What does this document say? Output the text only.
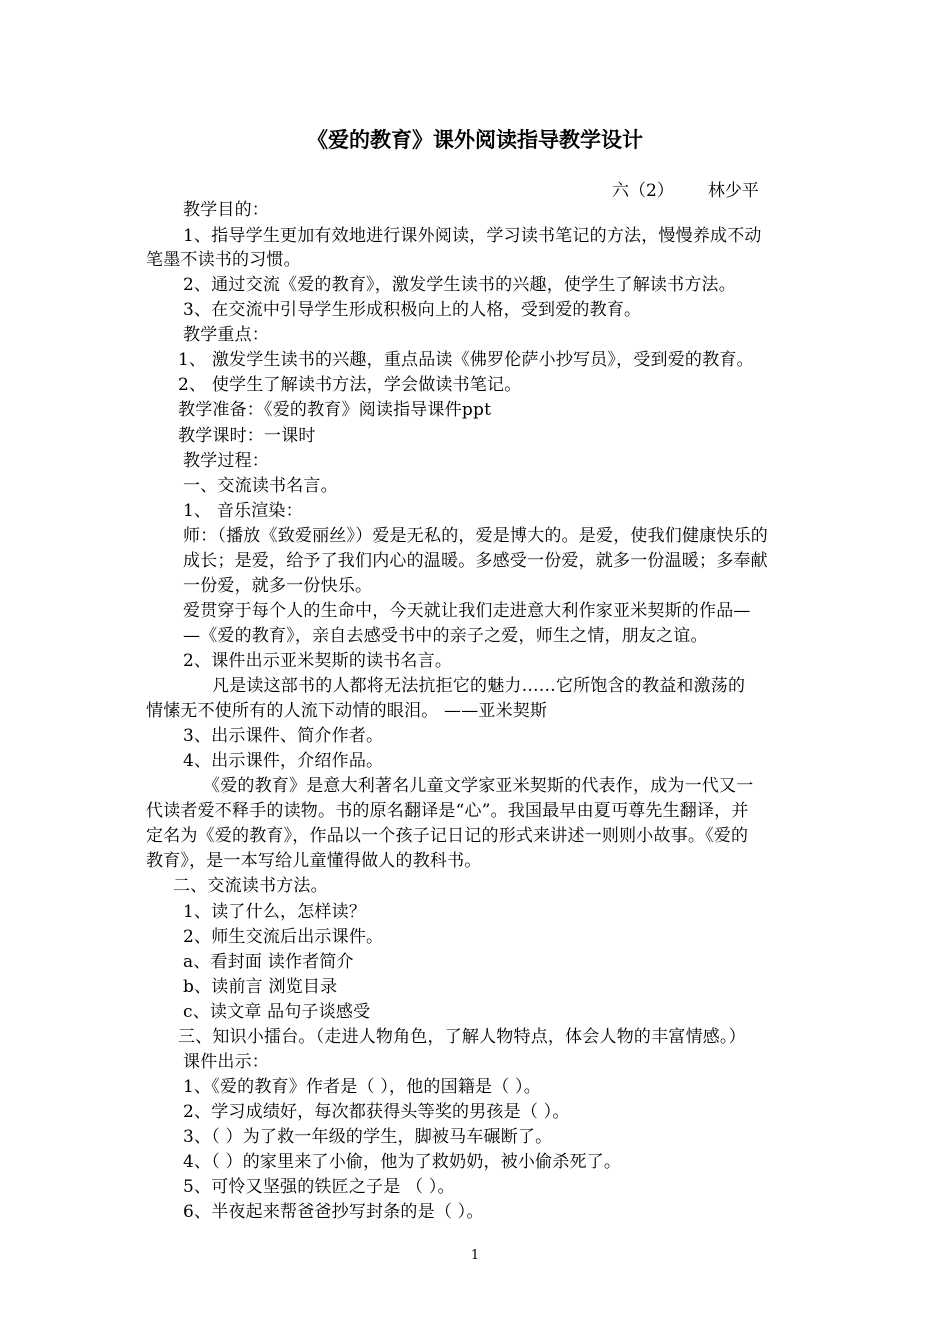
《爱的教育》课外阅读指导教学设计
六（2） 林少平
教学目的：
1、指导学生更加有效地进行课外阅读，学习读书笔记的方法，慢慢养成不动
笔墨不读书的习惯。
2、通过交流《爱的教育》，激发学生读书的兴趣，使学生了解读书方法。
3、在交流中引导学生形成积极向上的人格，受到爱的教育。
教学重点：
1、 激发学生读书的兴趣，重点品读《佛罗伦萨小抄写员》，受到爱的教育。
2、 使学生了解读书方法，学会做读书笔记。
教学准备：《爱的教育》阅读指导课件ppt
教学课时：一课时
教学过程：
一、交流读书名言。
1、 音乐渲染：
师：（播放《致爱丽丝》）爱是无私的，爱是博大的。是爱，使我们健康快乐的
成长；是爱，给予了我们内心的温暖。多感受一份爱，就多一份温暖；多奉献
一份爱，就多一份快乐。
爱贯穿于每个人的生命中，今天就让我们走进意大利作家亚米契斯的作品—
—《爱的教育》，亲自去感受书中的亲子之爱，师生之情，朋友之谊。
2、课件出示亚米契斯的读书名言。
凡是读这部书的人都将无法抗拒它的魅力……它所饱含的教益和激荡的
情愫无不使所有的人流下动情的眼泪。 ——亚米契斯
3、出示课件、简介作者。
4、出示课件，介绍作品。
《爱的教育》是意大利著名儿童文学家亚米契斯的代表作，成为一代又一
代读者爱不释手的读物。书的原名翻译是“心”。我国最早由夏丏尊先生翻译，并
定名为《爱的教育》，作品以一个孩子记日记的形式来讲述一则则小故事。《爱的
教育》，是一本写给儿童懂得做人的教科书。
二、交流读书方法。
1、读了什么，怎样读？
2、师生交流后出示课件。
a、看封面 读作者简介
b、读前言 浏览目录
c、读文章 品句子谈感受
三、知识小擂台。（走进人物角色，了解人物特点，体会人物的丰富情感。）
课件出示：
1、《爱的教育》作者是（ ），他的国籍是（ ）。
2、学习成绩好，每次都获得头等奖的男孩是（ ）。
3、（ ）为了救一年级的学生，脚被马车碾断了。
4、（ ）的家里来了小偷，他为了救奶奶，被小偷杀死了。
5、可怜又坚强的铁匠之子是 （ ）。
6、半夜起来帮爸爸抄写封条的是（ ）。
1
